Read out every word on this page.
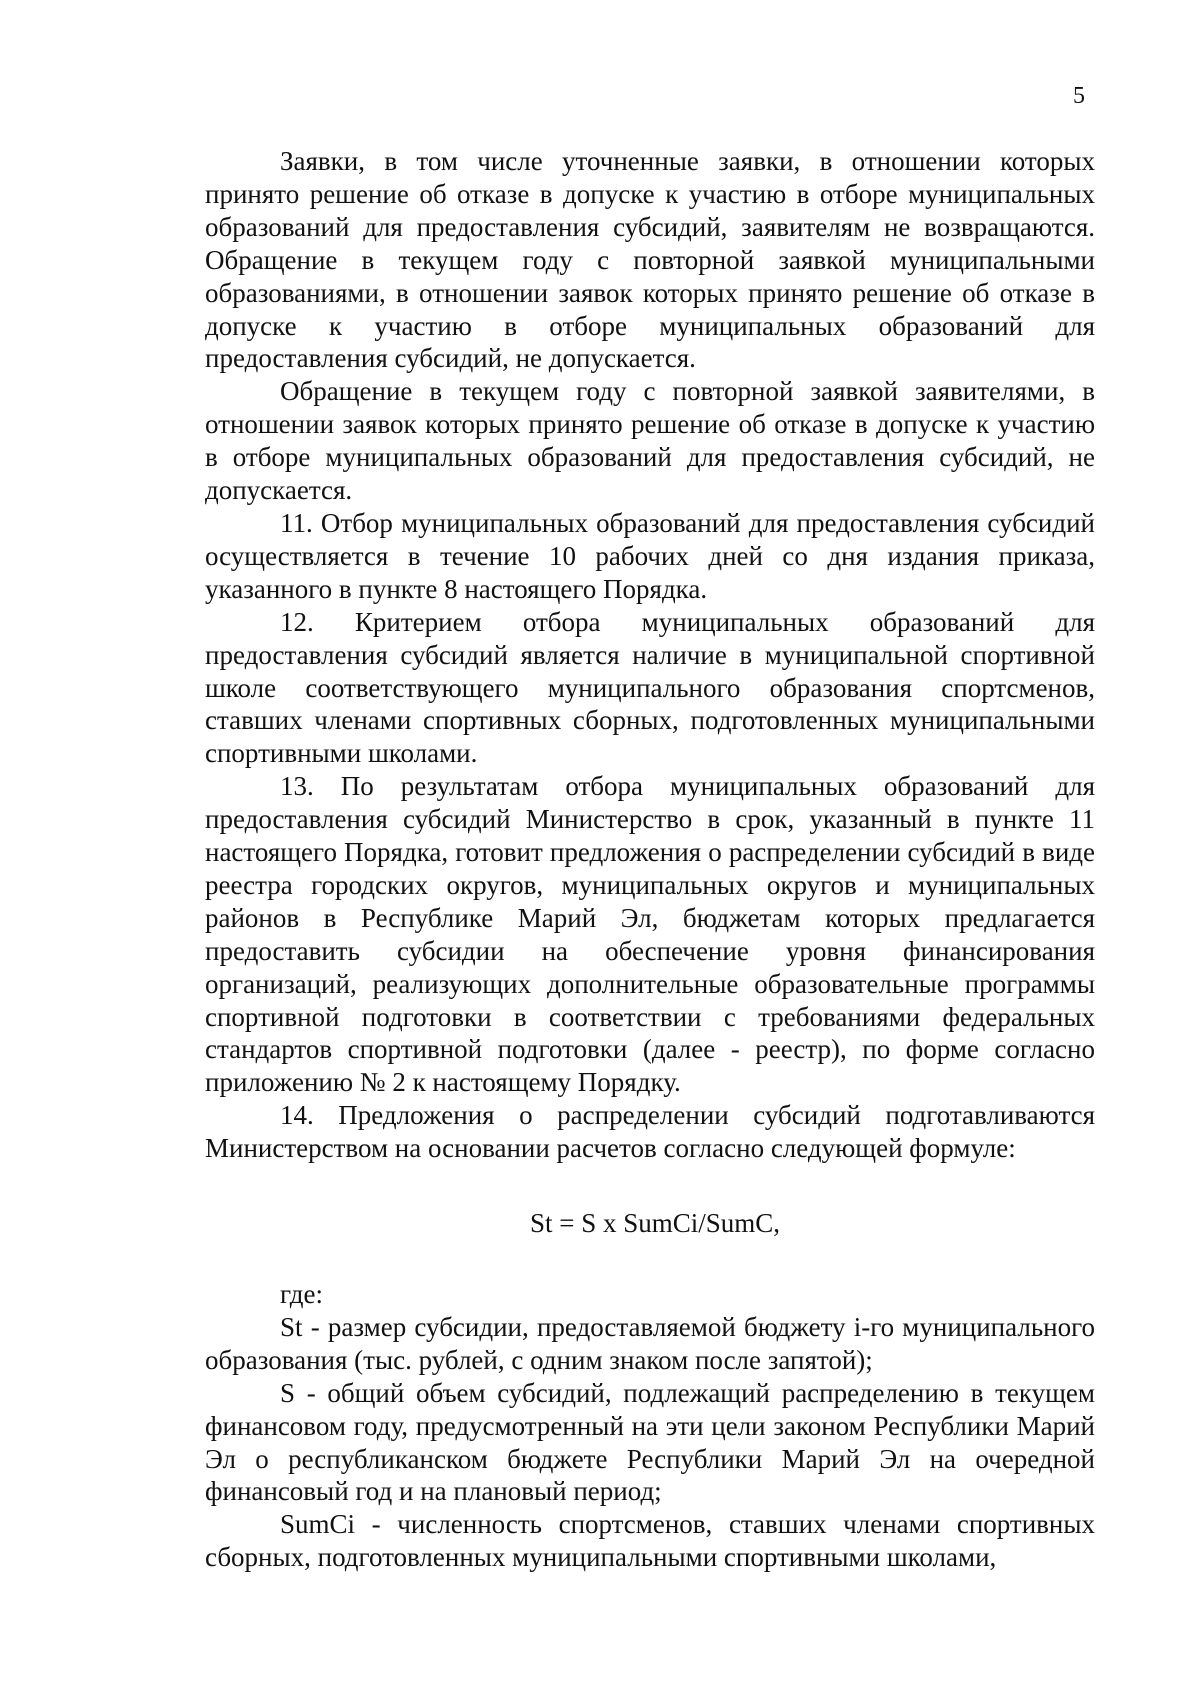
5

Заявки, в том числе уточненные заявки, в отношении которых принято решение об отказе в допуске к участию в отборе муниципальных образований для предоставления субсидий, заявителям не возвращаются. Обращение в текущем году с повторной заявкой муниципальными образованиями, в отношении заявок которых принято решение об отказе в допуске к участию в отборе муниципальных образований для предоставления субсидий, не допускается.

Обращение в текущем году с повторной заявкой заявителями, в отношении заявок которых принято решение об отказе в допуске к участию в отборе муниципальных образований для предоставления субсидий, не допускается.

11. Отбор муниципальных образований для предоставления субсидий осуществляется в течение 10 рабочих дней со дня издания приказа, указанного в пункте 8 настоящего Порядка.

12. Критерием отбора муниципальных образований для предоставления субсидий является наличие в муниципальной спортивной школе соответствующего муниципального образования спортсменов, ставших членами спортивных сборных, подготовленных муниципальными спортивными школами.

13. По результатам отбора муниципальных образований для предоставления субсидий Министерство в срок, указанный в пункте 11 настоящего Порядка, готовит предложения о распределении субсидий в виде реестра городских округов, муниципальных округов и муниципальных районов в Республике Марий Эл, бюджетам которых предлагается предоставить субсидии на обеспечение уровня финансирования организаций, реализующих дополнительные образовательные программы спортивной подготовки в соответствии с требованиями федеральных стандартов спортивной подготовки (далее - реестр), по форме согласно приложению № 2 к настоящему Порядку.

14. Предложения о распределении субсидий подготавливаются Министерством на основании расчетов согласно следующей формуле:

St = S x SumCi/SumC,

где:

St - размер субсидии, предоставляемой бюджету i-го муниципального образования (тыс. рублей, с одним знаком после запятой);

S - общий объем субсидий, подлежащий распределению в текущем финансовом году, предусмотренный на эти цели законом Республики Марий Эл о республиканском бюджете Республики Марий Эл на очередной финансовый год и на плановый период;

SumCi - численность спортсменов, ставших членами спортивных сборных, подготовленных муниципальными спортивными школами,
